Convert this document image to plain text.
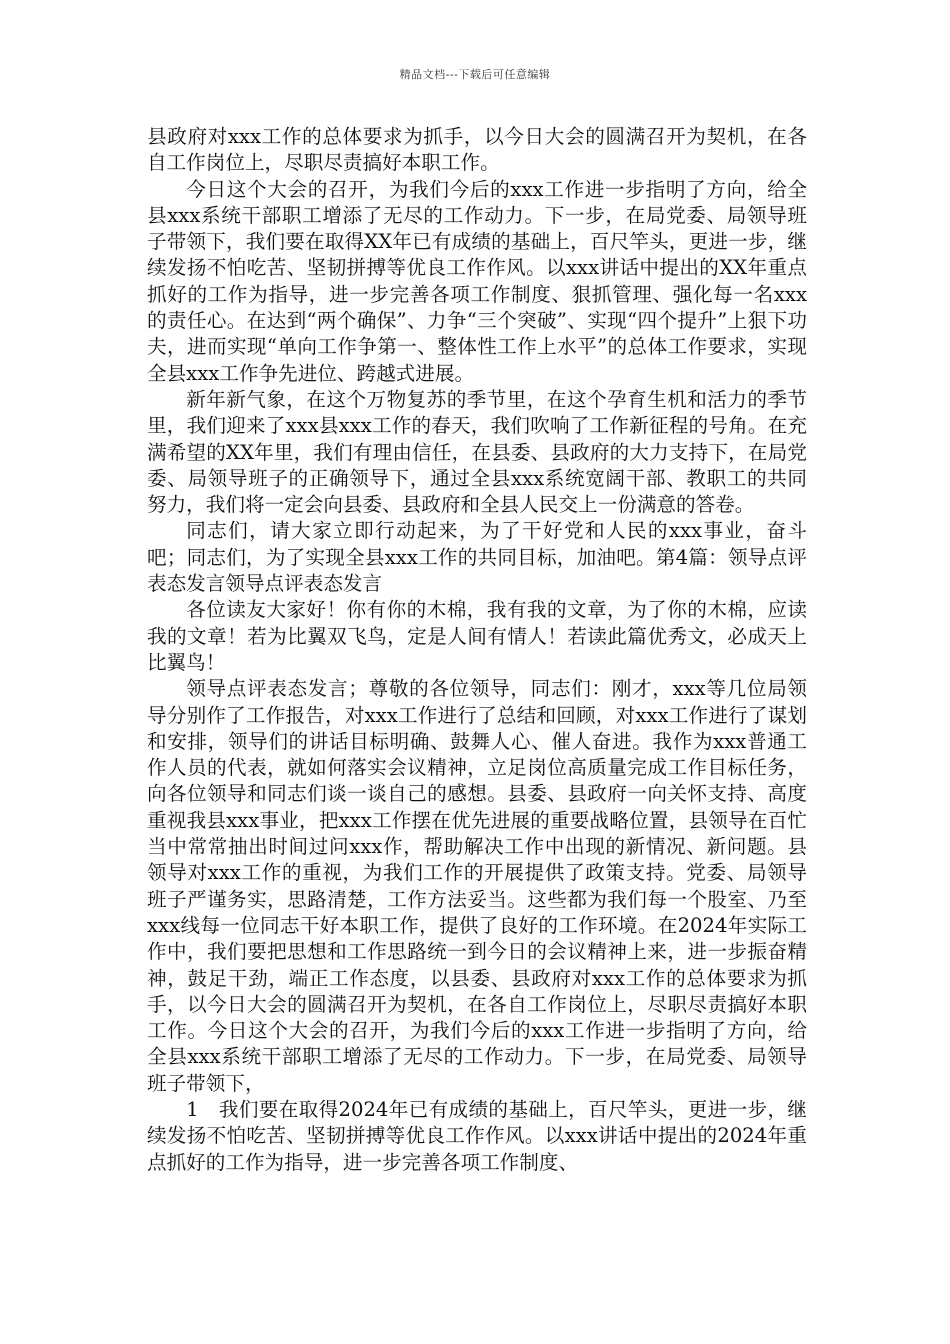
精品文档---下载后可任意编辑

县政府对xxx工作的总体要求为抓手，以今日大会的圆满召开为契机，在各自工作岗位上，尽职尽责搞好本职工作。

今日这个大会的召开，为我们今后的xxx工作进一步指明了方向，给全县xxx系统干部职工增添了无尽的工作动力。下一步，在局党委、局领导班子带领下，我们要在取得XX年已有成绩的基础上，百尺竿头，更进一步，继续发扬不怕吃苦、坚韧拼搏等优良工作作风。以xxx讲话中提出的XX年重点抓好的工作为指导，进一步完善各项工作制度、狠抓管理、强化每一名xxx的责任心。在达到“两个确保”、力争“三个突破”、实现“四个提升”上狠下功夫，进而实现“单向工作争第一、整体性工作上水平”的总体工作要求，实现全县xxx工作争先进位、跨越式进展。

新年新气象，在这个万物复苏的季节里，在这个孕育生机和活力的季节里，我们迎来了xxx县xxx工作的春天，我们吹响了工作新征程的号角。在充满希望的XX年里，我们有理由信任，在县委、县政府的大力支持下，在局党委、局领导班子的正确领导下，通过全县xxx系统宽阔干部、教职工的共同努力，我们将一定会向县委、县政府和全县人民交上一份满意的答卷。

同志们，请大家立即行动起来，为了干好党和人民的xxx事业，奋斗吧；同志们，为了实现全县xxx工作的共同目标，加油吧。第4篇：领导点评表态发言领导点评表态发言

各位读友大家好！你有你的木棉，我有我的文章，为了你的木棉，应读我的文章！若为比翼双飞鸟，定是人间有情人！若读此篇优秀文，必成天上比翼鸟！

领导点评表态发言；尊敬的各位领导，同志们：刚才，xxx等几位局领导分别作了工作报告，对xxx工作进行了总结和回顾，对xxx工作进行了谋划和安排，领导们的讲话目标明确、鼓舞人心、催人奋进。我作为xxx普通工作人员的代表，就如何落实会议精神，立足岗位高质量完成工作目标任务，向各位领导和同志们谈一谈自己的感想。县委、县政府一向关怀支持、高度重视我县xxx事业，把xxx工作摆在优先进展的重要战略位置，县领导在百忙当中常常抽出时间过问xxx作，帮助解决工作中出现的新情况、新问题。县领导对xxx工作的重视，为我们工作的开展提供了政策支持。党委、局领导班子严谨务实，思路清楚，工作方法妥当。这些都为我们每一个股室、乃至xxx线每一位同志干好本职工作，提供了良好的工作环境。在2024年实际工作中，我们要把思想和工作思路统一到今日的会议精神上来，进一步振奋精神，鼓足干劲，端正工作态度，以县委、县政府对xxx工作的总体要求为抓手，以今日大会的圆满召开为契机，在各自工作岗位上，尽职尽责搞好本职工作。今日这个大会的召开，为我们今后的xxx工作进一步指明了方向，给全县xxx系统干部职工增添了无尽的工作动力。下一步，在局党委、局领导班子带领下，

1　我们要在取得2024年已有成绩的基础上，百尺竿头，更进一步，继续发扬不怕吃苦、坚韧拼搏等优良工作作风。以xxx讲话中提出的2024年重点抓好的工作为指导，进一步完善各项工作制度、
